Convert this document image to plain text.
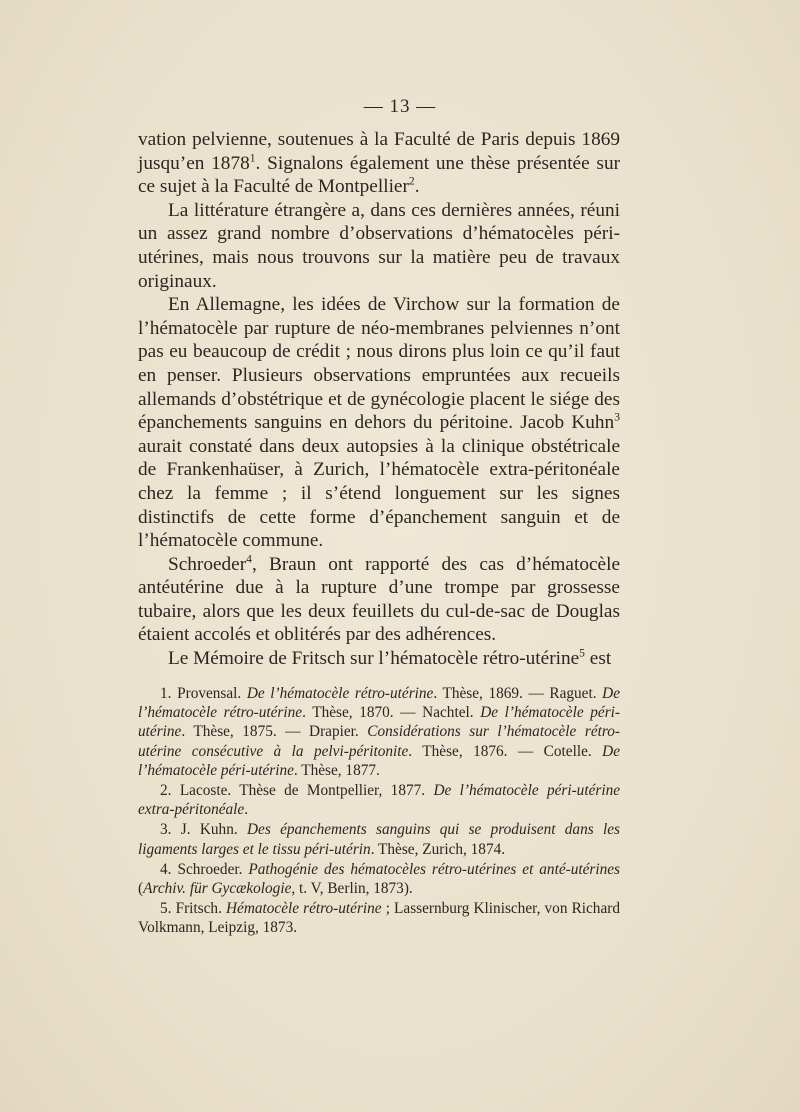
— 13 —

vation pelvienne, soutenues à la Faculté de Paris depuis 1869 jusqu’en 1878$^1$. Signalons également une thèse présentée sur ce sujet à la Faculté de Montpellier$^2$.

La littérature étrangère a, dans ces dernières années, réuni un assez grand nombre d’observations d’hématocèles péri-utérines, mais nous trouvons sur la matière peu de travaux originaux.

En Allemagne, les idées de Virchow sur la formation de l’hématocèle par rupture de néo-membranes pelviennes n’ont pas eu beaucoup de crédit ; nous dirons plus loin ce qu’il faut en penser. Plusieurs observations empruntées aux recueils allemands d’obstétrique et de gynécologie placent le siége des épanchements sanguins en dehors du péritoine. Jacob Kuhn$^3$ aurait constaté dans deux autopsies à la clinique obstétricale de Frankenhaüser, à Zurich, l’hématocèle extra-péritonéale chez la femme ; il s’étend longuement sur les signes distinctifs de cette forme d’épanchement sanguin et de l’hématocèle commune.

Schroeder$^4$, Braun ont rapporté des cas d’hématocèle antéutérine due à la rupture d’une trompe par grossesse tubaire, alors que les deux feuillets du cul-de-sac de Douglas étaient accolés et oblitérés par des adhérences.

Le Mémoire de Fritsch sur l’hématocèle rétro-utérine$^5$ est

1. Provensal. De l’hématocèle rétro-utérine. Thèse, 1869. — Raguet. De l’hématocèle rétro-utérine. Thèse, 1870. — Nachtel. De l’hématocèle péri-utérine. Thèse, 1875. — Drapier. Considérations sur l’hématocèle rétro-utérine consécutive à la pelvi-péritonite. Thèse, 1876. — Cotelle. De l’hématocèle péri-utérine. Thèse, 1877.

2. Lacoste. Thèse de Montpellier, 1877. De l’hématocèle péri-utérine extra-péritonéale.

3. J. Kuhn. Des épanchements sanguins qui se produisent dans les ligaments larges et le tissu péri-utérin. Thèse, Zurich, 1874.

4. Schroeder. Pathogénie des hématocèles rétro-utérines et anté-utérines (Archiv. für Gycækologie, t. V, Berlin, 1873).

5. Fritsch. Hématocèle rétro-utérine ; Lassernburg Klinischer, von Richard Volkmann, Leipzig, 1873.
